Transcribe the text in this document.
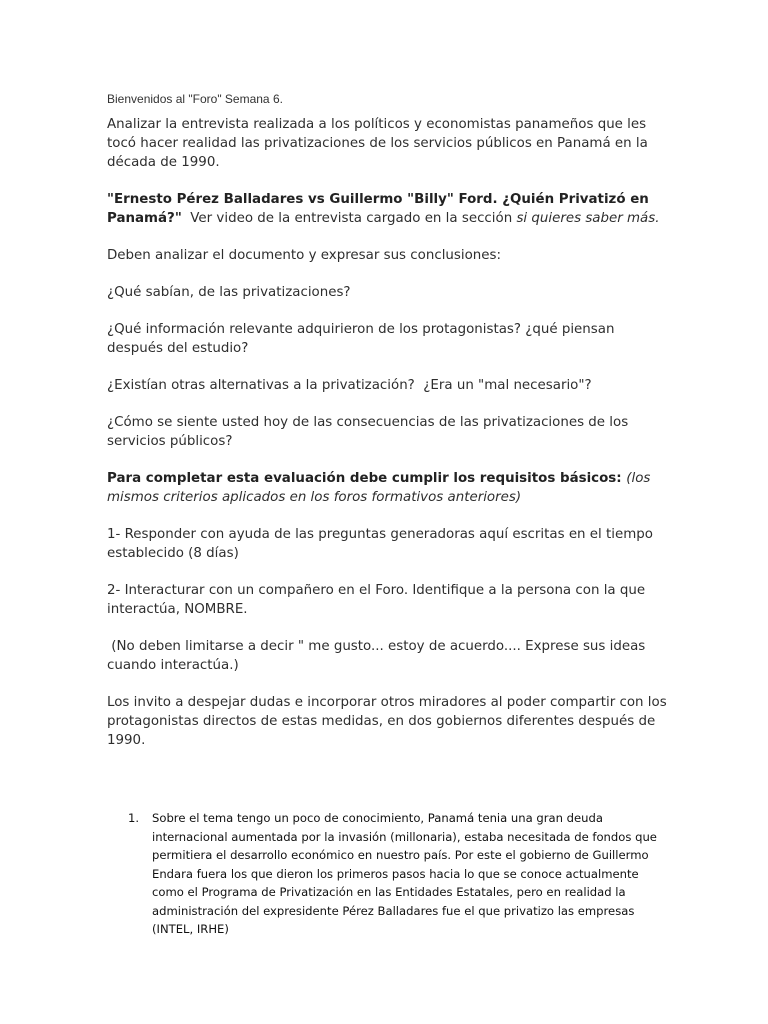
Bienvenidos al "Foro" Semana 6.
Analizar la entrevista realizada a los políticos y economistas panameños que les tocó hacer realidad las privatizaciones de los servicios públicos en Panamá en la década de 1990.
"Ernesto Pérez Balladares vs Guillermo "Billy" Ford. ¿Quién Privatizó en Panamá?"  Ver video de la entrevista cargado en la sección si quieres saber más.
Deben analizar el documento y expresar sus conclusiones:
¿Qué sabían, de las privatizaciones?
¿Qué información relevante adquirieron de los protagonistas? ¿qué piensan después del estudio?
¿Existían otras alternativas a la privatización?  ¿Era un "mal necesario"?
¿Cómo se siente usted hoy de las consecuencias de las privatizaciones de los servicios públicos?
Para completar esta evaluación debe cumplir los requisitos básicos: (los mismos criterios aplicados en los foros formativos anteriores)
1- Responder con ayuda de las preguntas generadoras aquí escritas en el tiempo establecido (8 días)
2- Interacturar con un compañero en el Foro. Identifique a la persona con la que interactúa, NOMBRE.
(No deben limitarse a decir " me gusto... estoy de acuerdo.... Exprese sus ideas cuando interactúa.)
Los invito a despejar dudas e incorporar otros miradores al poder compartir con los protagonistas directos de estas medidas, en dos gobiernos diferentes después de 1990.
1. Sobre el tema tengo un poco de conocimiento, Panamá tenia una gran deuda internacional aumentada por la invasión (millonaria), estaba necesitada de fondos que permitiera el desarrollo económico en nuestro país. Por este el gobierno de Guillermo Endara fuera los que dieron los primeros pasos hacia lo que se conoce actualmente como el Programa de Privatización en las Entidades Estatales, pero en realidad la administración del expresidente Pérez Balladares fue el que privatizo las empresas (INTEL, IRHE)
